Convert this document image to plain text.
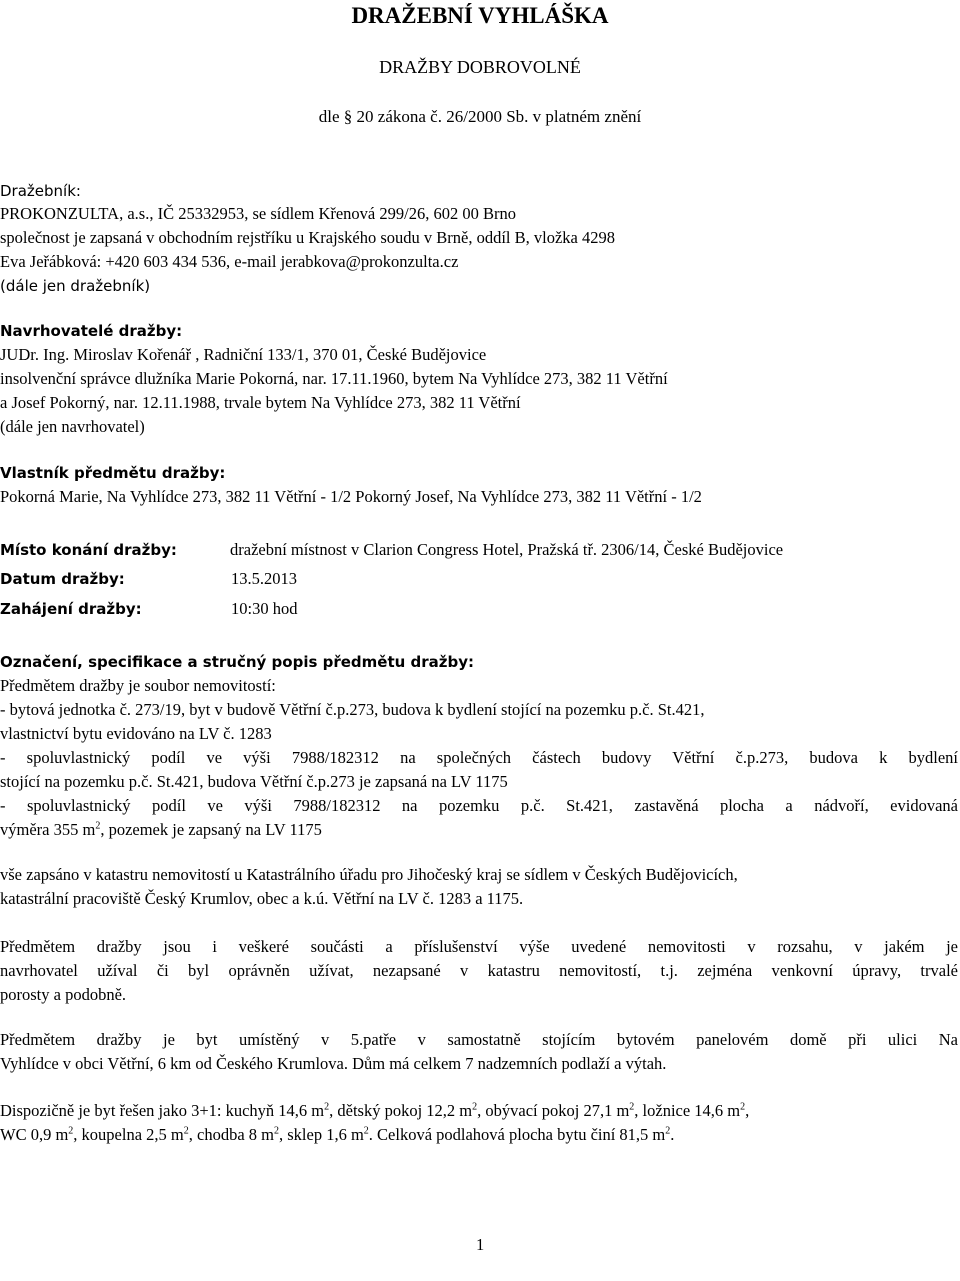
DRAŽEBNÍ VYHLÁŠKA
DRAŽBY DOBROVOLNÉ
dle § 20 zákona č. 26/2000 Sb. v platném znění
Dražebník:
PROKONZULTA, a.s., IČ 25332953, se sídlem Křenová 299/26, 602 00 Brno
společnost je zapsaná v obchodním rejstříku u Krajského soudu v Brně, oddíl B, vložka 4298
Eva Jeřábková: +420 603 434 536, e-mail jerabkova@prokonzulta.cz
(dále jen dražebník)
Navrhovatelé dražby:
JUDr. Ing. Miroslav Kořenář , Radniční 133/1, 370 01, České Budějovice
insolvenční správce dlužníka Marie Pokorná, nar. 17.11.1960, bytem Na Vyhlídce 273, 382 11 Větřní
a Josef Pokorný, nar. 12.11.1988, trvale bytem Na Vyhlídce 273, 382 11 Větřní
(dále jen navrhovatel)
Vlastník předmětu dražby:
Pokorná Marie, Na Vyhlídce 273, 382 11 Větřní - 1/2 Pokorný Josef, Na Vyhlídce 273, 382 11 Větřní - 1/2
Místo konání dražby:	dražební místnost v Clarion Congress Hotel, Pražská tř. 2306/14, České Budějovice
Datum dražby:	13.5.2013
Zahájení dražby:	10:30 hod
Označení, specifikace a stručný popis předmětu dražby:
Předmětem dražby je soubor nemovitostí:
- bytová jednotka č. 273/19, byt v budově Větřní č.p.273, budova k bydlení stojící na pozemku p.č. St.421,
vlastnictví bytu evidováno na LV č. 1283
- spoluvlastnický podíl ve výši 7988/182312 na společných částech budovy Větřní č.p.273, budova k bydlení
stojící na pozemku p.č. St.421, budova Větřní č.p.273 je zapsaná na LV 1175
- spoluvlastnický podíl ve výši 7988/182312 na pozemku p.č. St.421, zastavěná plocha a nádvoří, evidovaná
výměra 355 $m^2$, pozemek je zapsaný na LV 1175
vše zapsáno v katastru nemovitostí u Katastrálního úřadu pro Jihočeský kraj se sídlem v Českých Budějovicích,
katastrální pracoviště Český Krumlov, obec a k.ú. Větřní na LV č. 1283 a 1175.
Předmětem dražby jsou i veškeré součásti a příslušenství výše uvedené nemovitosti v rozsahu, v jakém je
navrhovatel užíval či byl oprávněn užívat, nezapsané v katastru nemovitostí, t.j. zejména venkovní úpravy, trvalé
porosty a podobně.
Předmětem dražby je byt umístěný v 5.patře v samostatně stojícím bytovém panelovém domě při ulici Na
Vyhlídce v obci Větřní, 6 km od Českého Krumlova. Dům má celkem 7 nadzemních podlaží a výtah.
Dispozičně je byt řešen jako 3+1: kuchyň 14,6 $m^2$, dětský pokoj 12,2 $m^2$, obývací pokoj 27,1 $m^2$, ložnice 14,6 $m^2$,
WC 0,9 $m^2$, koupelna 2,5 $m^2$, chodba 8 $m^2$, sklep 1,6 $m^2$. Celková podlahová plocha bytu činí 81,5 $m^2$.
1
